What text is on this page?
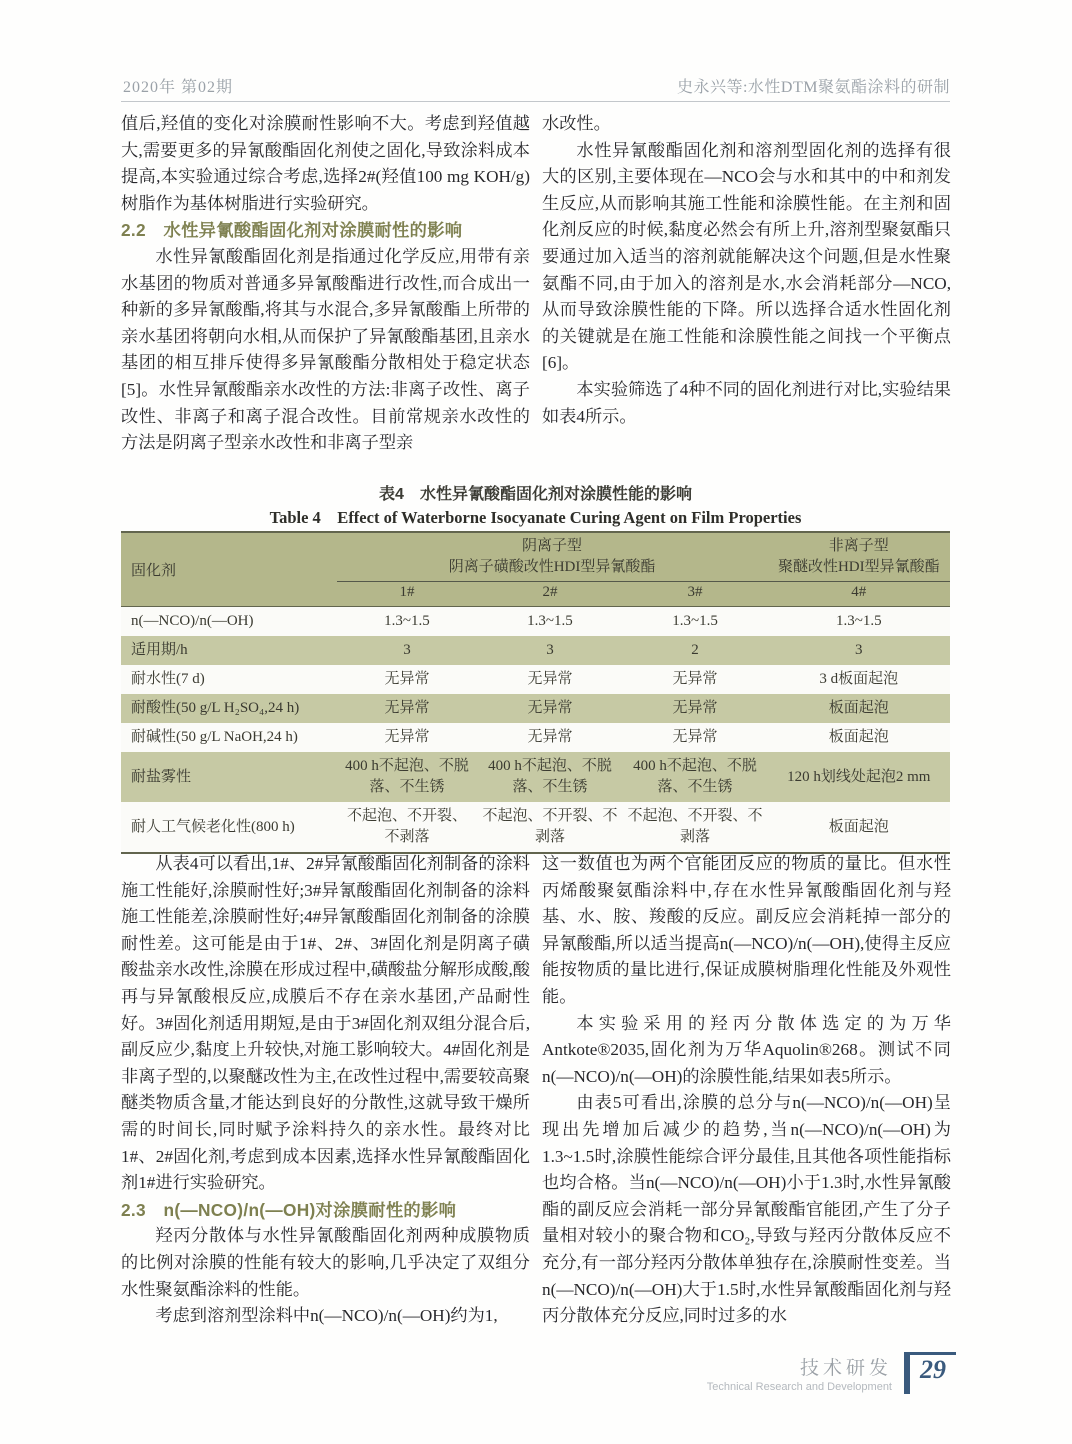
2020年 第02期	史永兴等:水性DTM聚氨酯涂料的研制

值后,羟值的变化对涂膜耐性影响不大。考虑到羟值越大,需要更多的异氰酸酯固化剂使之固化,导致涂料成本提高,本实验通过综合考虑,选择2#(羟值100 mg KOH/g)树脂作为基体树脂进行实验研究。

2.2　水性异氰酸酯固化剂对涂膜耐性的影响

水性异氰酸酯固化剂是指通过化学反应,用带有亲水基团的物质对普通多异氰酸酯进行改性,而合成出一种新的多异氰酸酯,将其与水混合,多异氰酸酯上所带的亲水基团将朝向水相,从而保护了异氰酸酯基团,且亲水基团的相互排斥使得多异氰酸酯分散相处于稳定状态[5]。水性异氰酸酯亲水改性的方法:非离子改性、离子改性、非离子和离子混合改性。目前常规亲水改性的方法是阴离子型亲水改性和非离子型亲

水改性。

水性异氰酸酯固化剂和溶剂型固化剂的选择有很大的区别,主要体现在—NCO会与水和其中的中和剂发生反应,从而影响其施工性能和涂膜性能。在主剂和固化剂反应的时候,黏度必然会有所上升,溶剂型聚氨酯只要通过加入适当的溶剂就能解决这个问题,但是水性聚氨酯不同,由于加入的溶剂是水,水会消耗部分—NCO,从而导致涂膜性能的下降。所以选择合适水性固化剂的关键就是在施工性能和涂膜性能之间找一个平衡点[6]。

本实验筛选了4种不同的固化剂进行对比,实验结果如表4所示。

表4　水性异氰酸酯固化剂对涂膜性能的影响
Table 4　Effect of Waterborne Isocyanate Curing Agent on Film Properties
固化剂	阴离子型
阴离子磺酸改性HDI型异氰酸酯			非离子型
聚醚改性HDI型异氰酸酯

	1#	2#	3#	4#
n(—NCO)/n(—OH)	1.3~1.5	1.3~1.5	1.3~1.5	1.3~1.5
适用期/h	3	3	2	3
耐水性(7 d)	无异常	无异常	无异常	3 d板面起泡
耐酸性(50 g/L H₂SO₄,24 h)	无异常	无异常	无异常	板面起泡
耐碱性(50 g/L NaOH,24 h)	无异常	无异常	无异常	板面起泡
耐盐雾性	400 h不起泡、不脱落、不生锈	400 h不起泡、不脱落、不生锈	400 h不起泡、不脱落、不生锈	120 h划线处起泡2 mm
耐人工气候老化性(800 h)	不起泡、不开裂、不剥落	不起泡、不开裂、不剥落	不起泡、不开裂、不剥落	板面起泡

从表4可以看出,1#、2#异氰酸酯固化剂制备的涂料施工性能好,涂膜耐性好;3#异氰酸酯固化剂制备的涂料施工性能差,涂膜耐性好;4#异氰酸酯固化剂制备的涂膜耐性差。这可能是由于1#、2#、3#固化剂是阴离子磺酸盐亲水改性,涂膜在形成过程中,磺酸盐分解形成酸,酸再与异氰酸根反应,成膜后不存在亲水基团,产品耐性好。3#固化剂适用期短,是由于3#固化剂双组分混合后,副反应少,黏度上升较快,对施工影响较大。4#固化剂是非离子型的,以聚醚改性为主,在改性过程中,需要较高聚醚类物质含量,才能达到良好的分散性,这就导致干燥所需的时间长,同时赋予涂料持久的亲水性。最终对比1#、2#固化剂,考虑到成本因素,选择水性异氰酸酯固化剂1#进行实验研究。

2.3　n(—NCO)/n(—OH)对涂膜耐性的影响

羟丙分散体与水性异氰酸酯固化剂两种成膜物质的比例对涂膜的性能有较大的影响,几乎决定了双组分水性聚氨酯涂料的性能。

考虑到溶剂型涂料中n(—NCO)/n(—OH)约为1,

这一数值也为两个官能团反应的物质的量比。但水性丙烯酸聚氨酯涂料中,存在水性异氰酸酯固化剂与羟基、水、胺、羧酸的反应。副反应会消耗掉一部分的异氰酸酯,所以适当提高n(—NCO)/n(—OH),使得主反应能按物质的量比进行,保证成膜树脂理化性能及外观性能。

本实验采用的羟丙分散体选定的为万华Antkote®2035,固化剂为万华Aquolin®268。测试不同n(—NCO)/n(—OH)的涂膜性能,结果如表5所示。

由表5可看出,涂膜的总分与n(—NCO)/n(—OH)呈现出先增加后减少的趋势,当n(—NCO)/n(—OH)为1.3~1.5时,涂膜性能综合评分最佳,且其他各项性能指标也均合格。当n(—NCO)/n(—OH)小于1.3时,水性异氰酸酯的副反应会消耗一部分异氰酸酯官能团,产生了分子量相对较小的聚合物和CO₂,导致与羟丙分散体反应不充分,有一部分羟丙分散体单独存在,涂膜耐性变差。当n(—NCO)/n(—OH)大于1.5时,水性异氰酸酯固化剂与羟丙分散体充分反应,同时过多的水

技术研发
Technical Research and Development
29
